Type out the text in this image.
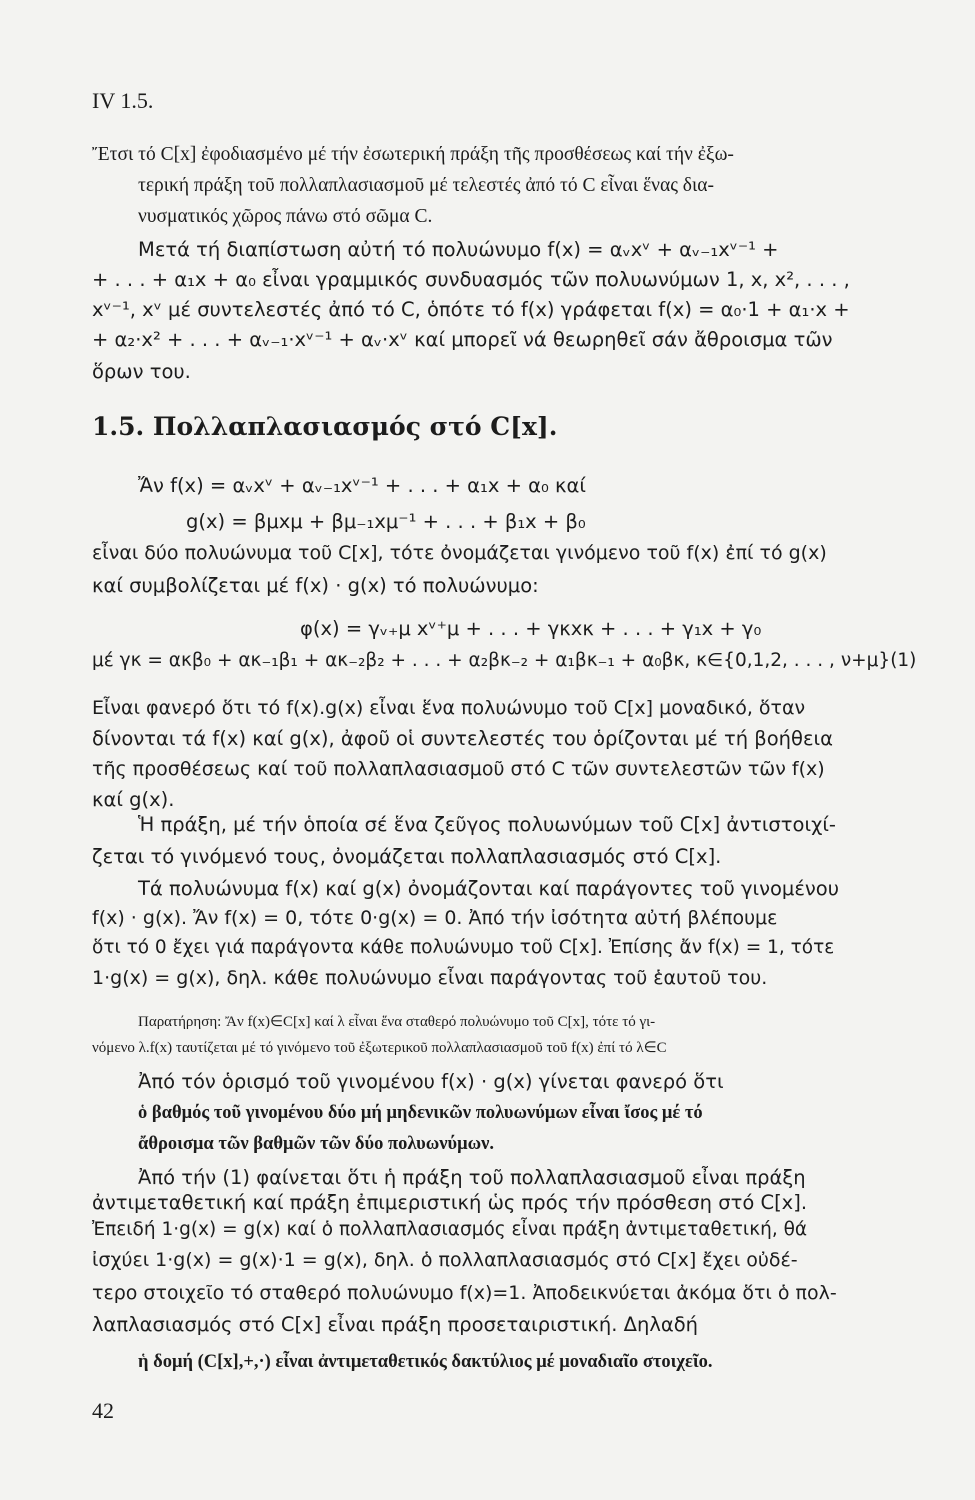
IV 1.5.
Ἔτσι τό C[x] ἐφοδιασμένο μέ τήν ἐσωτερική πράξη τῆς προσθέσεως καί τήν ἐξω-
τερική πράξη τοῦ πολλαπλασιασμοῦ μέ τελεστές ἀπό τό C εἶναι ἕνας δια-
νυσματικός χῶρος πάνω στό σῶμα C.
Μετά τή διαπίστωση αὐτή τό πολυώνυμο f(x) = αᵥxᵛ + αᵥ₋₁xᵛ⁻¹ +
+ . . . + α₁x + α₀ εἶναι γραμμικός συνδυασμός τῶν πολυωνύμων 1, x, x², . . . ,
xᵛ⁻¹, xᵛ μέ συντελεστές ἀπό τό C, ὁπότε τό f(x) γράφεται f(x) = α₀·1 + α₁·x +
+ α₂·x² + . . . + αᵥ₋₁·xᵛ⁻¹ + αᵥ·xᵛ καί μπορεῖ νά θεωρηθεῖ σάν ἄθροισμα τῶν
ὅρων του.
1.5. Πολλαπλασιασμός στό C[x].
Ἄν f(x) = αᵥxᵛ + αᵥ₋₁xᵛ⁻¹ + . . . + α₁x + α₀ καί
g(x) = βμxμ + βμ₋₁xμ⁻¹ + . . . + β₁x + β₀
εἶναι δύο πολυώνυμα τοῦ C[x], τότε ὀνομάζεται γινόμενο τοῦ f(x) ἐπί τό g(x)
καί συμβολίζεται μέ f(x) · g(x) τό πολυώνυμο:
φ(x) = γᵥ₊μ xᵛ⁺μ + . . . + γκxκ + . . . + γ₁x + γ₀
μέ γκ = ακβ₀ + ακ₋₁β₁ + ακ₋₂β₂ + . . . + α₂βκ₋₂ + α₁βκ₋₁ + α₀βκ, κ∈{0,1,2, . . . , ν+μ}(1)
Εἶναι φανερό ὅτι τό f(x).g(x) εἶναι ἕνα πολυώνυμο τοῦ C[x] μοναδικό, ὅταν
δίνονται τά f(x) καί g(x), ἀφοῦ οἱ συντελεστές του ὁρίζονται μέ τή βοήθεια
τῆς προσθέσεως καί τοῦ πολλαπλασιασμοῦ στό C τῶν συντελεστῶν τῶν f(x)
καί g(x).
Ἡ πράξη, μέ τήν ὁποία σέ ἕνα ζεῦγος πολυωνύμων τοῦ C[x] ἀντιστοιχί-
ζεται τό γινόμενό τους, ὀνομάζεται πολλαπλασιασμός στό C[x].
Τά πολυώνυμα f(x) καί g(x) ὀνομάζονται καί παράγοντες τοῦ γινομένου
f(x) · g(x). Ἄν f(x) = 0, τότε 0·g(x) = 0. Ἀπό τήν ἰσότητα αὐτή βλέπουμε
ὅτι τό 0 ἔχει γιά παράγοντα κάθε πολυώνυμο τοῦ C[x]. Ἐπίσης ἄν f(x) = 1, τότε
1·g(x) = g(x), δηλ. κάθε πολυώνυμο εἶναι παράγοντας τοῦ ἑαυτοῦ του.
Παρατήρηση: Ἄν f(x)∈C[x] καί λ εἶναι ἕνα σταθερό πολυώνυμο τοῦ C[x], τότε τό γι-
νόμενο λ.f(x) ταυτίζεται μέ τό γινόμενο τοῦ ἐξωτερικοῦ πολλαπλασιασμοῦ τοῦ f(x) ἐπί τό λ∈C
Ἀπό τόν ὁρισμό τοῦ γινομένου f(x) · g(x) γίνεται φανερό ὅτι
ὁ βαθμός τοῦ γινομένου δύο μή μηδενικῶν πολυωνύμων εἶναι ἴσος μέ τό
ἄθροισμα τῶν βαθμῶν τῶν δύο πολυωνύμων.
Ἀπό τήν (1) φαίνεται ὅτι ἡ πράξη τοῦ πολλαπλασιασμοῦ εἶναι πράξη
ἀντιμεταθετική καί πράξη ἐπιμεριστική ὡς πρός τήν πρόσθεση στό C[x].
Ἐπειδή 1·g(x) = g(x) καί ὁ πολλαπλασιασμός εἶναι πράξη ἀντιμεταθετική, θά
ἰσχύει 1·g(x) = g(x)·1 = g(x), δηλ. ὁ πολλαπλασιασμός στό C[x] ἔχει οὐδέ-
τερο στοιχεῖο τό σταθερό πολυώνυμο f(x)=1. Ἀποδεικνύεται ἀκόμα ὅτι ὁ πολ-
λαπλασιασμός στό C[x] εἶναι πράξη προσεταιριστική. Δηλαδή
ἡ δομή (C[x],+,·) εἶναι ἀντιμεταθετικός δακτύλιος μέ μοναδιαῖο στοιχεῖο.
42
